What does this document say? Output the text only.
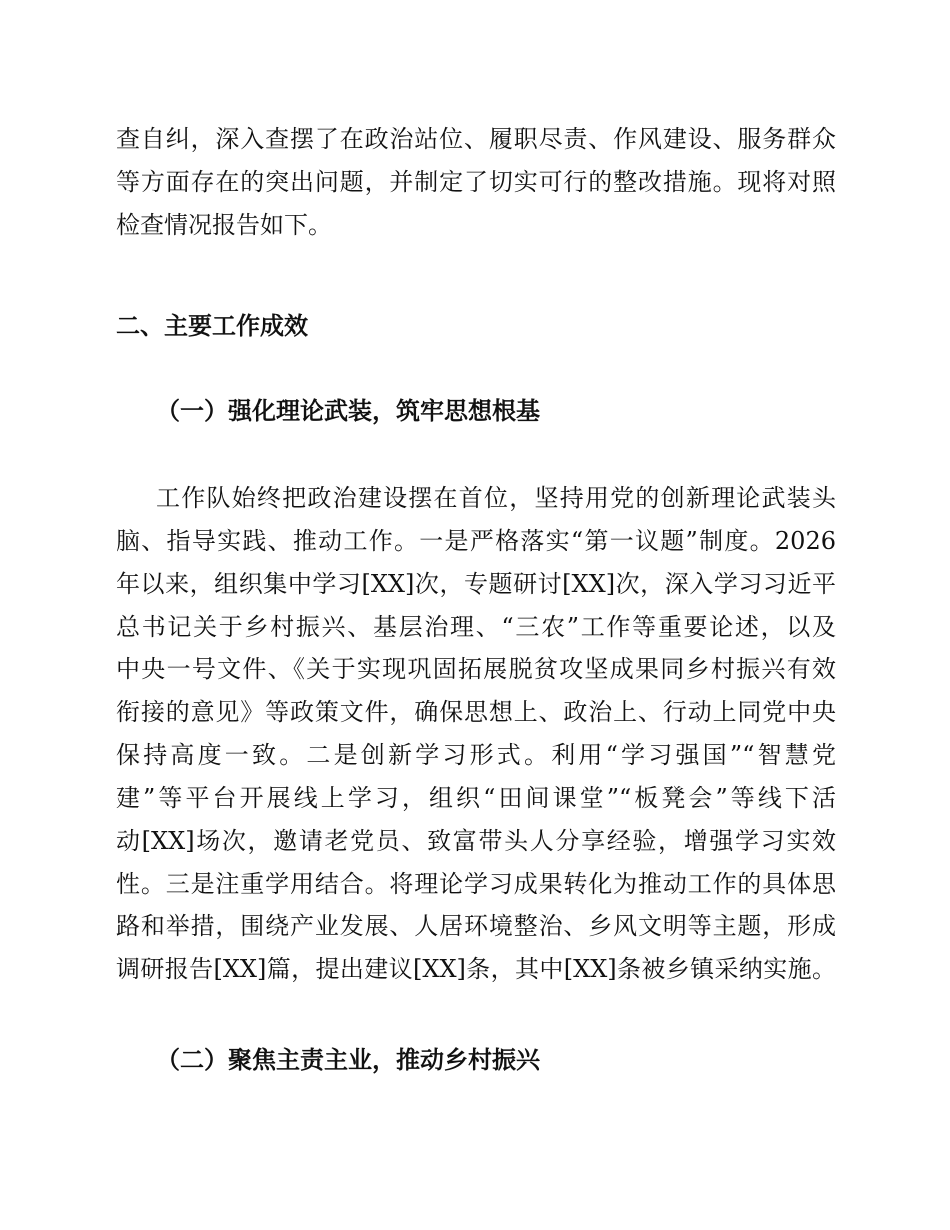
查自纠，深入查摆了在政治站位、履职尽责、作风建设、服务群众
等方面存在的突出问题，并制定了切实可行的整改措施。现将对照
检查情况报告如下。
二、主要工作成效
（一）强化理论武装，筑牢思想根基
工作队始终把政治建设摆在首位，坚持用党的创新理论武装头
脑、指导实践、推动工作。一是严格落实“第一议题”制度。2026
年以来，组织集中学习[XX]次，专题研讨[XX]次，深入学习习近平
总书记关于乡村振兴、基层治理、“三农”工作等重要论述，以及
中央一号文件、《关于实现巩固拓展脱贫攻坚成果同乡村振兴有效
衔接的意见》等政策文件，确保思想上、政治上、行动上同党中央
保持高度一致。二是创新学习形式。利用“学习强国”“智慧党
建”等平台开展线上学习，组织“田间课堂”“板凳会”等线下活
动[XX]场次，邀请老党员、致富带头人分享经验，增强学习实效
性。三是注重学用结合。将理论学习成果转化为推动工作的具体思
路和举措，围绕产业发展、人居环境整治、乡风文明等主题，形成
调研报告[XX]篇，提出建议[XX]条，其中[XX]条被乡镇采纳实施。
（二）聚焦主责主业，推动乡村振兴
